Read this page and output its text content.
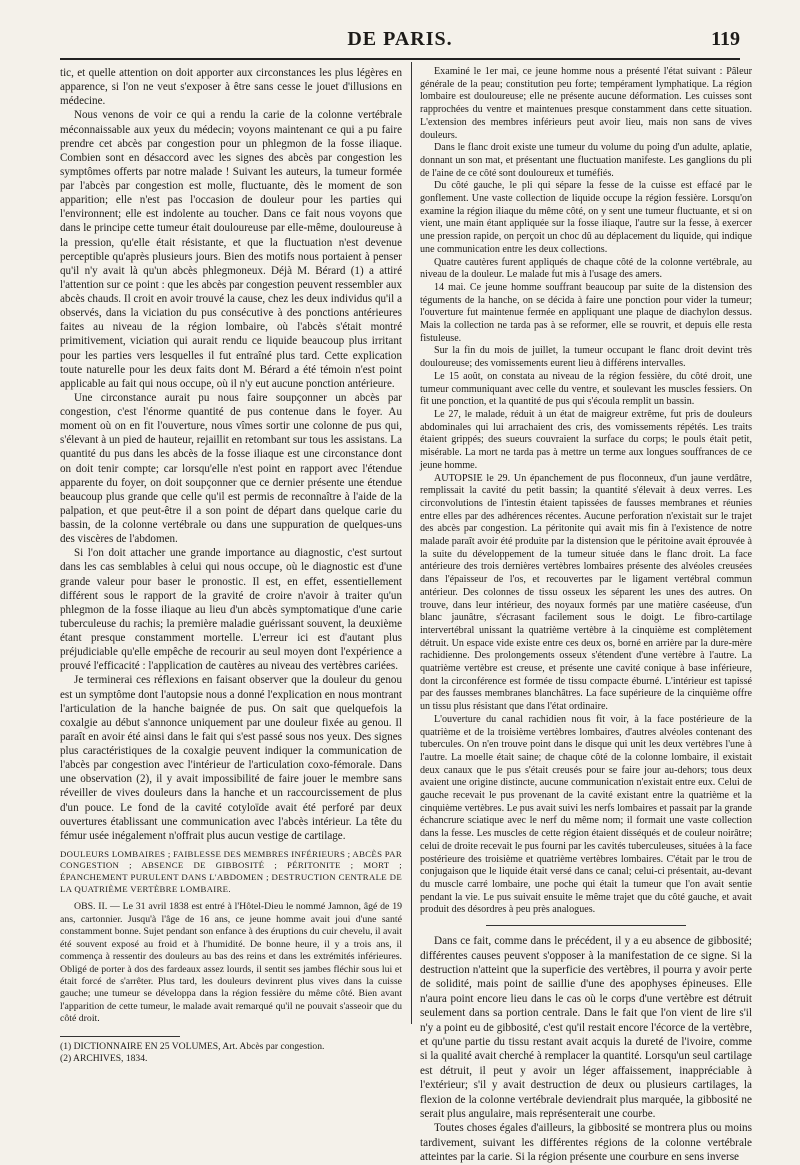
DE PARIS.	119

tic, et quelle attention on doit apporter aux circonstances les plus légères en apparence, si l'on ne veut s'exposer à être sans cesse le jouet d'illusions en médecine.

Nous venons de voir ce qui a rendu la carie de la colonne vertébrale méconnaissable aux yeux du médecin; voyons maintenant ce qui a pu faire prendre cet abcès par congestion pour un phlegmon de la fosse iliaque. Combien sont en désaccord avec les signes des abcès par congestion les symptômes offerts par notre malade ! Suivant les auteurs, la tumeur formée par l'abcès par congestion est molle, fluctuante, dès le moment de son apparition; elle n'est pas l'occasion de douleur pour les parties qui l'environnent; elle est indolente au toucher. Dans ce fait nous voyons que dans le principe cette tumeur était douloureuse par elle-même, douloureuse à la pression, qu'elle était résistante, et que la fluctuation n'est devenue perceptible qu'après plusieurs jours. Bien des motifs nous portaient à penser qu'il n'y avait là qu'un abcès phlegmoneux. Déjà M. Bérard (1) a attiré l'attention sur ce point : que les abcès par congestion peuvent ressembler aux abcès chauds. Il croit en avoir trouvé la cause, chez les deux individus qu'il a observés, dans la viciation du pus consécutive à des ponctions antérieures faites au niveau de la région lombaire, où l'abcès s'était montré primitivement, viciation qui aurait rendu ce liquide beaucoup plus irritant pour les parties vers lesquelles il fut entraîné plus tard. Cette explication toute naturelle pour les deux faits dont M. Bérard a été témoin n'est point applicable au fait qui nous occupe, où il n'y eut aucune ponction antérieure.

Une circonstance aurait pu nous faire soupçonner un abcès par congestion, c'est l'énorme quantité de pus contenue dans le foyer. Au moment où on en fit l'ouverture, nous vîmes sortir une colonne de pus qui, s'élevant à un pied de hauteur, rejaillit en retombant sur tous les assistans. La quantité du pus dans les abcès de la fosse iliaque est une circonstance dont on doit tenir compte; car lorsqu'elle n'est point en rapport avec l'étendue apparente du foyer, on doit soupçonner que ce dernier présente une étendue beaucoup plus grande que celle qu'il est permis de reconnaître à l'aide de la palpation, et que peut-être il a son point de départ dans quelque carie du bassin, de la colonne vertébrale ou dans une suppuration de quelques-uns des viscères de l'abdomen.

Si l'on doit attacher une grande importance au diagnostic, c'est surtout dans les cas semblables à celui qui nous occupe, où le diagnostic est d'une grande valeur pour baser le pronostic. Il est, en effet, essentiellement différent sous le rapport de la gravité de croire n'avoir à traiter qu'un phlegmon de la fosse iliaque au lieu d'un abcès symptomatique d'une carie tuberculeuse du rachis; la première maladie guérissant souvent, la deuxième étant presque constamment mortelle. L'erreur ici est d'autant plus préjudiciable qu'elle empêche de recourir au seul moyen dont l'expérience a prouvé l'efficacité : l'application de cautères au niveau des vertèbres cariées.

Je terminerai ces réflexions en faisant observer que la douleur du genou est un symptôme dont l'autopsie nous a donné l'explication en nous montrant l'articulation de la hanche baignée de pus. On sait que quelquefois la coxalgie au début s'annonce uniquement par une douleur fixée au genou. Il paraît en avoir été ainsi dans le fait qui s'est passé sous nos yeux. Des signes plus caractéristiques de la coxalgie peuvent indiquer la communication de l'abcès par congestion avec l'intérieur de l'articulation coxo-fémorale. Dans une observation (2), il y avait impossibilité de faire jouer le membre sans réveiller de vives douleurs dans la hanche et un raccourcissement de plus d'un pouce. Le fond de la cavité cotyloïde avait été perforé par deux ouvertures établissant une communication avec l'abcès intérieur. La tête du fémur usée inégalement n'offrait plus aucun vestige de cartilage.

DOULEURS LOMBAIRES ; FAIBLESSE DES MEMBRES INFÉRIEURS ; ABCÈS PAR CONGESTION ; ABSENCE DE GIBBOSITÉ ; PÉRITONITE ; MORT ; ÉPANCHEMENT PURULENT DANS L'ABDOMEN ; DESTRUCTION CENTRALE DE LA QUATRIÈME VERTÈBRE LOMBAIRE.

OBS. II. — Le 31 avril 1838 est entré à l'Hôtel-Dieu le nommé Jamnon, âgé de 19 ans, cartonnier. Jusqu'à l'âge de 16 ans, ce jeune homme avait joui d'une santé constamment bonne. Sujet pendant son enfance à des éruptions du cuir chevelu, il avait été souvent exposé au froid et à l'humidité. De bonne heure, il y a trois ans, il commença à ressentir des douleurs au bas des reins et dans les extrémités inférieures. Obligé de porter à dos des fardeaux assez lourds, il sentit ses jambes fléchir sous lui et était forcé de s'arrêter. Plus tard, les douleurs devinrent plus vives dans la cuisse gauche; une tumeur se développa dans la région fessière du même côté. Bien avant l'apparition de cette tumeur, le malade avait remarqué qu'il ne pouvait s'asseoir que du côté droit.

(1) DICTIONNAIRE EN 25 VOLUMES, Art. Abcès par congestion.
(2) ARCHIVES, 1834.

Examiné le 1er mai, ce jeune homme nous a présenté l'état suivant : Pâleur générale de la peau; constitution peu forte; tempérament lymphatique. La région lombaire est douloureuse; elle ne présente aucune déformation. Les cuisses sont rapprochées du ventre et maintenues presque constamment dans cette situation. L'extension des membres inférieurs peut avoir lieu, mais non sans de vives douleurs.

Dans le flanc droit existe une tumeur du volume du poing d'un adulte, aplatie, donnant un son mat, et présentant une fluctuation manifeste. Les ganglions du pli de l'aine de ce côté sont douloureux et tuméfiés.

Du côté gauche, le pli qui sépare la fesse de la cuisse est effacé par le gonflement. Une vaste collection de liquide occupe la région fessière. Lorsqu'on examine la région iliaque du même côté, on y sent une tumeur fluctuante, et si on vient, une main étant appliquée sur la fosse iliaque, l'autre sur la fesse, à exercer une pression rapide, on perçoit un choc dû au déplacement du liquide, qui indique une communication entre les deux collections.

Quatre cautères furent appliqués de chaque côté de la colonne vertébrale, au niveau de la douleur. Le malade fut mis à l'usage des amers.

14 mai. Ce jeune homme souffrant beaucoup par suite de la distension des téguments de la hanche, on se décida à faire une ponction pour vider la tumeur; l'ouverture fut maintenue fermée en appliquant une plaque de diachylon dessus. Mais la collection ne tarda pas à se reformer, elle se rouvrit, et depuis elle resta fistuleuse.

Sur la fin du mois de juillet, la tumeur occupant le flanc droit devint très douloureuse; des vomissements eurent lieu à différens intervalles.

Le 15 août, on constata au niveau de la région fessière, du côté droit, une tumeur communiquant avec celle du ventre, et soulevant les muscles fessiers. On fit une ponction, et la quantité de pus qui s'écoula remplit un bassin.

Le 27, le malade, réduit à un état de maigreur extrême, fut pris de douleurs abdominales qui lui arrachaient des cris, des vomissements répétés. Les traits étaient grippés; des sueurs couvraient la surface du corps; le pouls était petit, misérable. La mort ne tarda pas à mettre un terme aux longues souffrances de ce jeune homme.

AUTOPSIE le 29. Un épanchement de pus floconneux, d'un jaune verdâtre, remplissait la cavité du petit bassin; la quantité s'élevait à deux verres. Les circonvolutions de l'intestin étaient tapissées de fausses membranes et réunies entre elles par des adhérences récentes. Aucune perforation n'existait sur le trajet des abcès par congestion. La péritonite qui avait mis fin à l'existence de notre malade paraît avoir été produite par la distension que le péritoine avait éprouvée à la suite du développement de la tumeur située dans le flanc droit. La face antérieure des trois dernières vertèbres lombaires présente des alvéoles creusées dans l'épaisseur de l'os, et recouvertes par le ligament vertébral commun antérieur. Des colonnes de tissu osseux les séparent les unes des autres. On trouve, dans leur intérieur, des noyaux formés par une matière caséeuse, d'un blanc jaunâtre, s'écrasant facilement sous le doigt. Le fibro-cartilage intervertébral unissant la quatrième vertèbre à la cinquième est complètement détruit. Un espace vide existe entre ces deux os, borné en arrière par la dure-mère rachidienne. Des prolongements osseux s'étendent d'une vertèbre à l'autre. La quatrième vertèbre est creuse, et présente une cavité conique à base inférieure, dont la circonférence est formée de tissu compacte éburné. L'intérieur est tapissé par des fausses membranes blanchâtres. La face supérieure de la cinquième offre un tissu plus résistant que dans l'état ordinaire.

L'ouverture du canal rachidien nous fit voir, à la face postérieure de la quatrième et de la troisième vertèbres lombaires, d'autres alvéoles contenant des tubercules. On n'en trouve point dans le disque qui unit les deux vertèbres l'une à l'autre. La moelle était saine; de chaque côté de la colonne lombaire, il existait deux canaux que le pus s'était creusés pour se faire jour au-dehors; tous deux avaient une origine distincte, aucune communication n'existait entre eux. Celui de gauche recevait le pus provenant de la cavité existant entre la quatrième et la cinquième vertèbres. Le pus avait suivi les nerfs lombaires et passait par la grande échancrure sciatique avec le nerf du même nom; il formait une vaste collection dans la fesse. Les muscles de cette région étaient disséqués et de couleur noirâtre; celui de droite recevait le pus fourni par les cavités tuberculeuses, situées à la face postérieure des troisième et quatrième vertèbres lombaires. C'était par le trou de conjugaison que le liquide était versé dans ce canal; celui-ci présentait, au-devant du muscle carré lombaire, une poche qui était la tumeur que l'on avait sentie pendant la vie. Le pus suivait ensuite le même trajet que du côté gauche, et avait produit des désordres à peu près analogues.

Dans ce fait, comme dans le précédent, il y a eu absence de gibbosité; différentes causes peuvent s'opposer à la manifestation de ce signe. Si la destruction n'atteint que la superficie des vertèbres, il pourra y avoir perte de solidité, mais point de saillie d'une des apophyses épineuses. Elle n'aura point encore lieu dans le cas où le corps d'une vertèbre est détruit seulement dans sa portion centrale. Dans le fait que l'on vient de lire s'il n'y a point eu de gibbosité, c'est qu'il restait encore l'écorce de la vertèbre, et qu'une partie du tissu restant avait acquis la dureté de l'ivoire, comme si la qualité avait cherché à remplacer la quantité. Lorsqu'un seul cartilage est détruit, il peut y avoir un léger affaissement, inappréciable à l'extérieur; s'il y avait destruction de deux ou plusieurs cartilages, la flexion de la colonne vertébrale deviendrait plus marquée, la gibbosité ne serait plus angulaire, mais représenterait une courbe.

Toutes choses égales d'ailleurs, la gibbosité se montrera plus ou moins tardivement, suivant les différentes régions de la colonne vertébrale atteintes par la carie. Si la région présente une courbure en sens inverse
